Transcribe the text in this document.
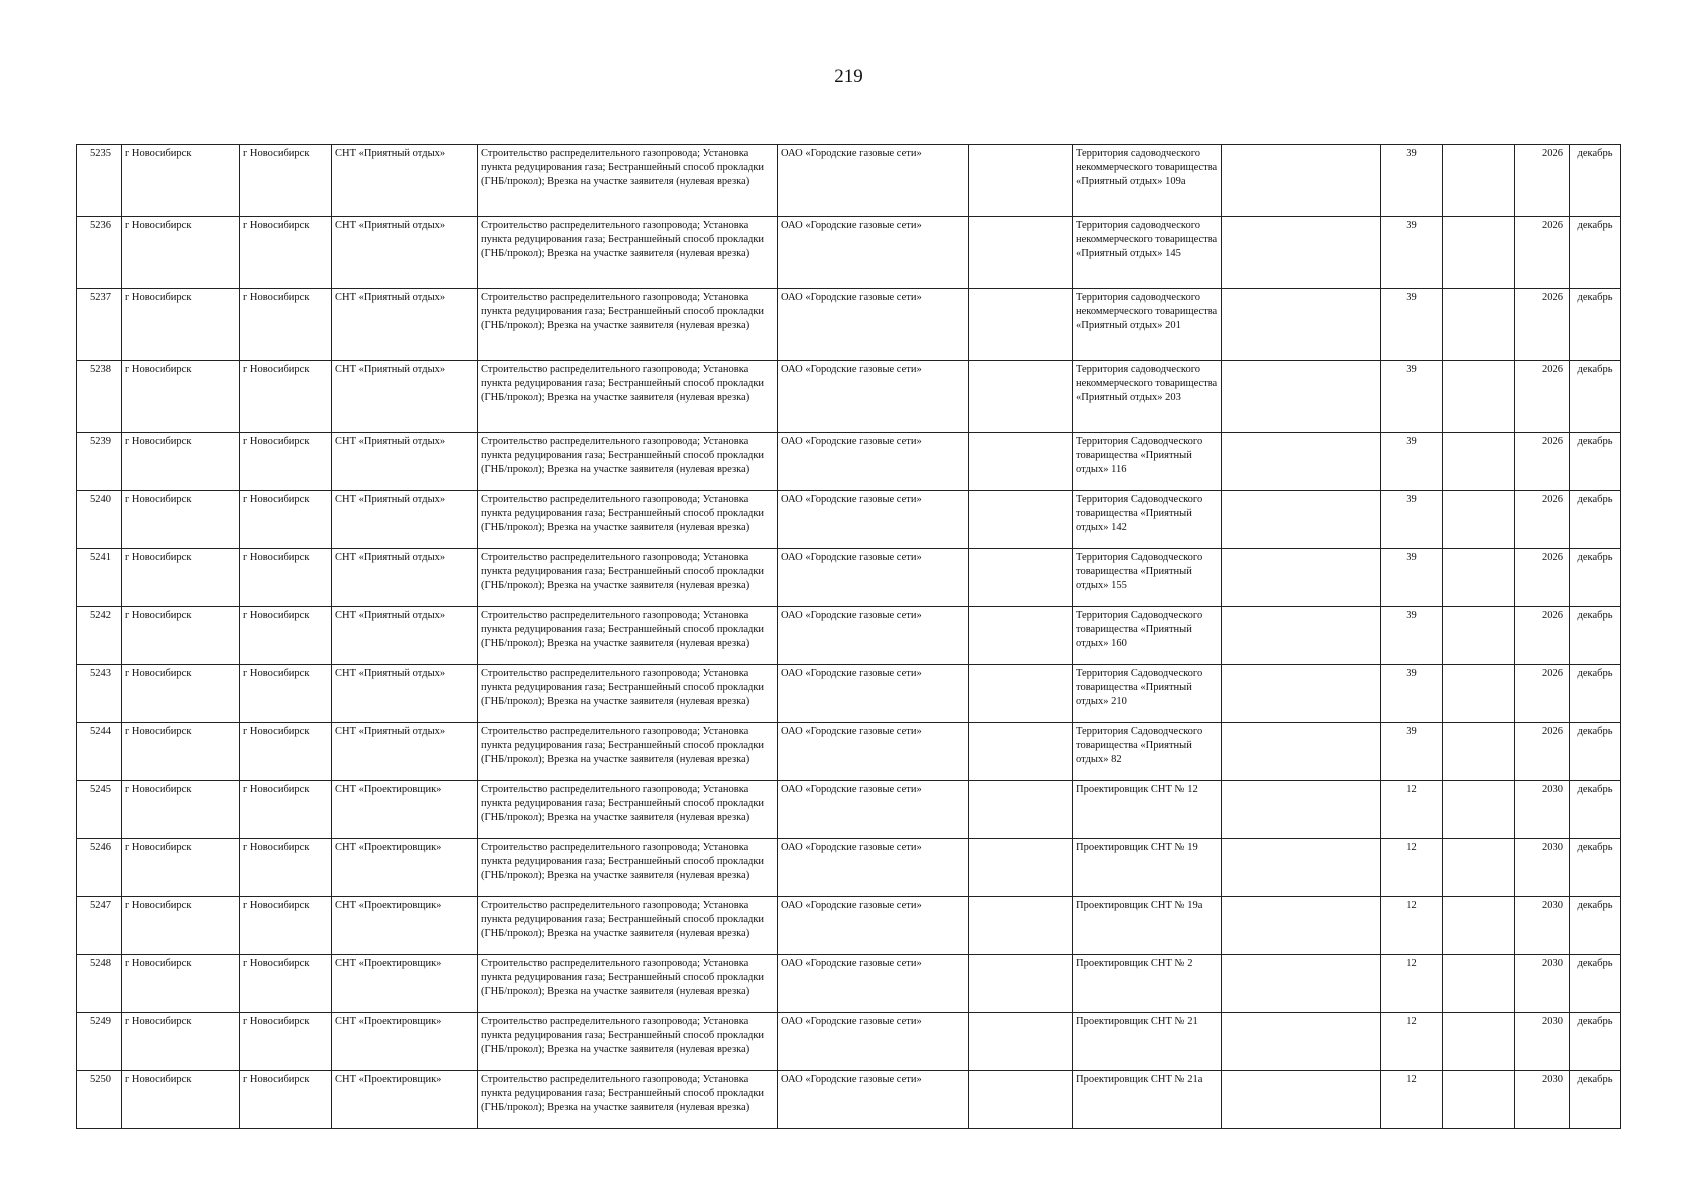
219
5235	г Новосибирск	г Новосибирск	СНТ «Приятный отдых»	Строительство распределительного газопровода; Установка пункта редуцирования газа; Бестраншейный способ прокладки (ГНБ/прокол); Врезка на участке заявителя (нулевая врезка)	ОАО «Городские газовые сети»		Территория садоводческого некоммерческого товарищества «Приятный отдых» 109а		39		2026	декабрь
5236	г Новосибирск	г Новосибирск	СНТ «Приятный отдых»	Строительство распределительного газопровода; Установка пункта редуцирования газа; Бестраншейный способ прокладки (ГНБ/прокол); Врезка на участке заявителя (нулевая врезка)	ОАО «Городские газовые сети»		Территория садоводческого некоммерческого товарищества «Приятный отдых» 145		39		2026	декабрь
5237	г Новосибирск	г Новосибирск	СНТ «Приятный отдых»	Строительство распределительного газопровода; Установка пункта редуцирования газа; Бестраншейный способ прокладки (ГНБ/прокол); Врезка на участке заявителя (нулевая врезка)	ОАО «Городские газовые сети»		Территория садоводческого некоммерческого товарищества «Приятный отдых» 201		39		2026	декабрь
5238	г Новосибирск	г Новосибирск	СНТ «Приятный отдых»	Строительство распределительного газопровода; Установка пункта редуцирования газа; Бестраншейный способ прокладки (ГНБ/прокол); Врезка на участке заявителя (нулевая врезка)	ОАО «Городские газовые сети»		Территория садоводческого некоммерческого товарищества «Приятный отдых» 203		39		2026	декабрь
5239	г Новосибирск	г Новосибирск	СНТ «Приятный отдых»	Строительство распределительного газопровода; Установка пункта редуцирования газа; Бестраншейный способ прокладки (ГНБ/прокол); Врезка на участке заявителя (нулевая врезка)	ОАО «Городские газовые сети»		Территория Садоводческого товарищества «Приятный отдых» 116		39		2026	декабрь
5240	г Новосибирск	г Новосибирск	СНТ «Приятный отдых»	Строительство распределительного газопровода; Установка пункта редуцирования газа; Бестраншейный способ прокладки (ГНБ/прокол); Врезка на участке заявителя (нулевая врезка)	ОАО «Городские газовые сети»		Территория Садоводческого товарищества «Приятный отдых» 142		39		2026	декабрь
5241	г Новосибирск	г Новосибирск	СНТ «Приятный отдых»	Строительство распределительного газопровода; Установка пункта редуцирования газа; Бестраншейный способ прокладки (ГНБ/прокол); Врезка на участке заявителя (нулевая врезка)	ОАО «Городские газовые сети»		Территория Садоводческого товарищества «Приятный отдых» 155		39		2026	декабрь
5242	г Новосибирск	г Новосибирск	СНТ «Приятный отдых»	Строительство распределительного газопровода; Установка пункта редуцирования газа; Бестраншейный способ прокладки (ГНБ/прокол); Врезка на участке заявителя (нулевая врезка)	ОАО «Городские газовые сети»		Территория Садоводческого товарищества «Приятный отдых» 160		39		2026	декабрь
5243	г Новосибирск	г Новосибирск	СНТ «Приятный отдых»	Строительство распределительного газопровода; Установка пункта редуцирования газа; Бестраншейный способ прокладки (ГНБ/прокол); Врезка на участке заявителя (нулевая врезка)	ОАО «Городские газовые сети»		Территория Садоводческого товарищества «Приятный отдых» 210		39		2026	декабрь
5244	г Новосибирск	г Новосибирск	СНТ «Приятный отдых»	Строительство распределительного газопровода; Установка пункта редуцирования газа; Бестраншейный способ прокладки (ГНБ/прокол); Врезка на участке заявителя (нулевая врезка)	ОАО «Городские газовые сети»		Территория Садоводческого товарищества «Приятный отдых» 82		39		2026	декабрь
5245	г Новосибирск	г Новосибирск	СНТ «Проектировщик»	Строительство распределительного газопровода; Установка пункта редуцирования газа; Бестраншейный способ прокладки (ГНБ/прокол); Врезка на участке заявителя (нулевая врезка)	ОАО «Городские газовые сети»		Проектировщик СНТ № 12		12		2030	декабрь
5246	г Новосибирск	г Новосибирск	СНТ «Проектировщик»	Строительство распределительного газопровода; Установка пункта редуцирования газа; Бестраншейный способ прокладки (ГНБ/прокол); Врезка на участке заявителя (нулевая врезка)	ОАО «Городские газовые сети»		Проектировщик СНТ № 19		12		2030	декабрь
5247	г Новосибирск	г Новосибирск	СНТ «Проектировщик»	Строительство распределительного газопровода; Установка пункта редуцирования газа; Бестраншейный способ прокладки (ГНБ/прокол); Врезка на участке заявителя (нулевая врезка)	ОАО «Городские газовые сети»		Проектировщик СНТ № 19а		12		2030	декабрь
5248	г Новосибирск	г Новосибирск	СНТ «Проектировщик»	Строительство распределительного газопровода; Установка пункта редуцирования газа; Бестраншейный способ прокладки (ГНБ/прокол); Врезка на участке заявителя (нулевая врезка)	ОАО «Городские газовые сети»		Проектировщик СНТ № 2		12		2030	декабрь
5249	г Новосибирск	г Новосибирск	СНТ «Проектировщик»	Строительство распределительного газопровода; Установка пункта редуцирования газа; Бестраншейный способ прокладки (ГНБ/прокол); Врезка на участке заявителя (нулевая врезка)	ОАО «Городские газовые сети»		Проектировщик СНТ № 21		12		2030	декабрь
5250	г Новосибирск	г Новосибирск	СНТ «Проектировщик»	Строительство распределительного газопровода; Установка пункта редуцирования газа; Бестраншейный способ прокладки (ГНБ/прокол); Врезка на участке заявителя (нулевая врезка)	ОАО «Городские газовые сети»		Проектировщик СНТ № 21а		12		2030	декабрь
